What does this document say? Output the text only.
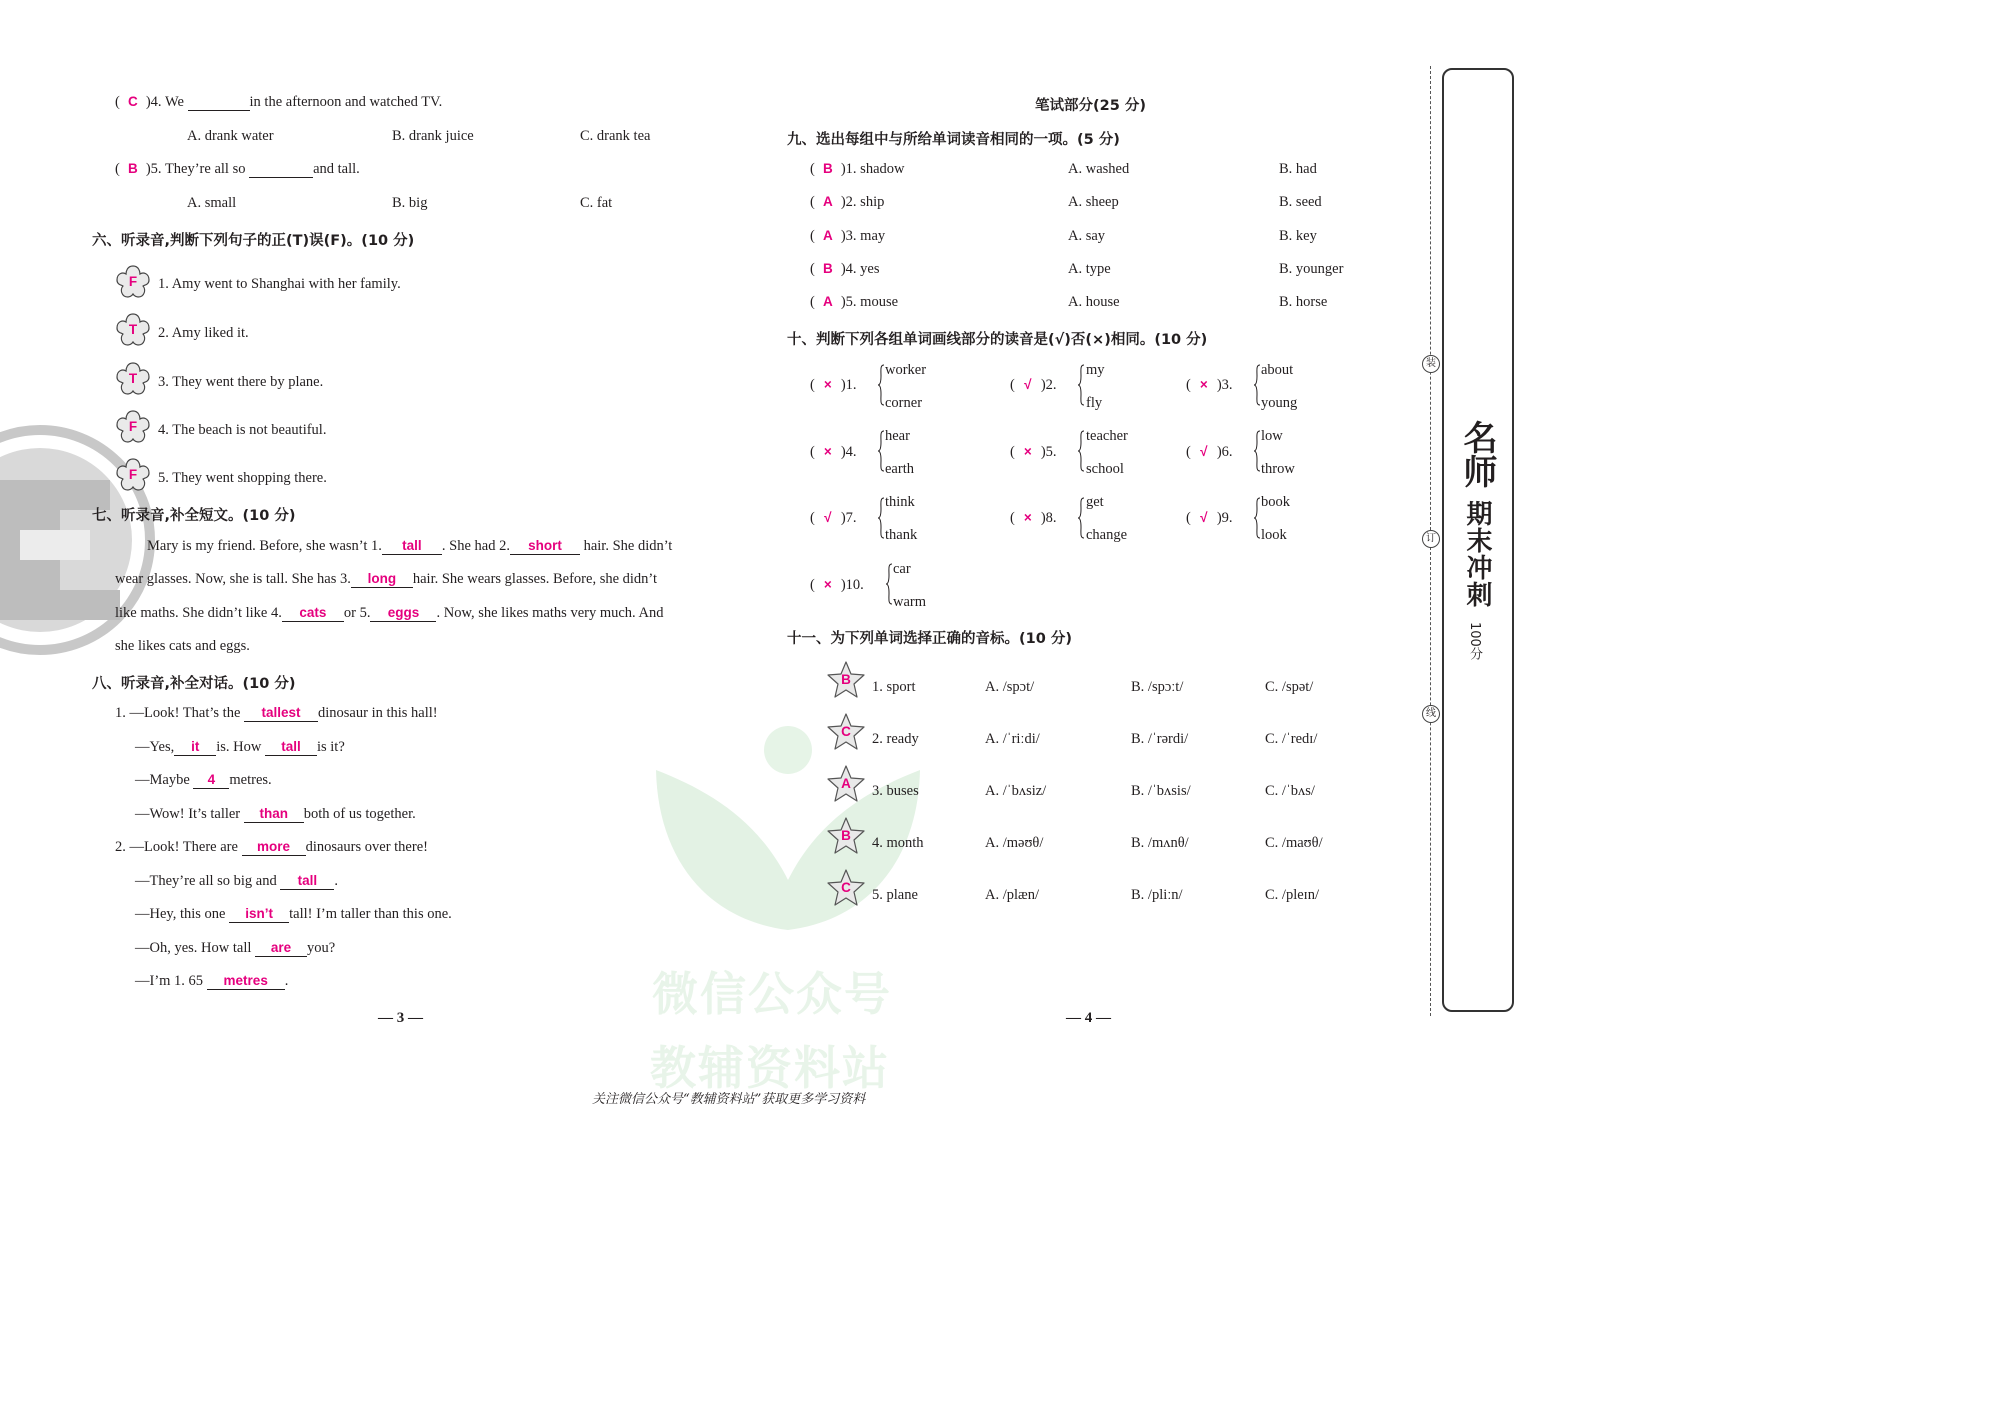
( C )4. We	in the afternoon and watched TV.
A. drank water	B. drank juice	C. drank tea
( B )5. They’re all so	and tall.
A. small	B. big	C. fat
六、听录音,判断下列句子的正(T)误(F)。(10 分)
F	1. Amy went to Shanghai with her family.
T	2. Amy liked it.
T	3. They went there by plane.
F	4. The beach is not beautiful.
F	5. They went shopping there.
七、听录音,补全短文。(10 分)
Mary is my friend. Before, she wasn’t 1. tall . She had 2. short hair. She didn’t
wear glasses. Now, she is tall. She has 3. long hair. She wears glasses. Before, she didn’t
like maths. She didn’t like 4. cats or 5. eggs . Now, she likes maths very much. And
she likes cats and eggs.
八、听录音,补全对话。(10 分)
1. —Look! That’s the tallest dinosaur in this hall!
—Yes, it is. How tall is it?
—Maybe 4 metres.
—Wow! It’s taller than both of us together.
2. —Look! There are more dinosaurs over there!
—They’re all so big and tall .
—Hey, this one isn’t tall! I’m taller than this one.
—Oh, yes. How tall are you?
—I’m 1. 65 metres .
— 3 —	微信公众号
教辅资料站
笔试部分(25 分)
九、选出每组中与所给单词读音相同的一项。(5 分)
( B )1. shadow	A. washed	B. had
( A )2. ship	A. sheep	B. seed
( A )3. may	A. say	B. key
( B )4. yes	A. type	B. younger
( A )5. mouse	A. house	B. horse
十、判断下列各组单词画线部分的读音是(√)否(×)相同。(10 分)
( × )1.
worker
corner
( √ )2.
my
fly
( × )3.
about
young
( × )4.
hear
earth
( × )5.
teacher
school
( √ )6.
low
throw
( √ )7.
think
thank
( × )8.
get
change
( √ )9.
book
look
( × )10.
car
warm
十一、为下列单词选择正确的音标。(10 分)
B	1. sport	A. /spɔt/	B. /spɔːt/	C. /spət/
C	2. ready	A. /ˈriːdi/	B. /ˈrərdi/	C. /ˈredɪ/
A	3. buses	A. /ˈbʌsiz/	B. /ˈbʌsis/	C. /ˈbʌs/
B	4. month	A. /məʊθ/	B. /mʌnθ/	C. /maʊθ/
C	5. plane	A. /plæn/	B. /pliːn/	C. /pleɪn/
— 4 —
装
订
线
名师
期末冲刺
100分
关注微信公众号“教辅资料站”获取更多学习资料
